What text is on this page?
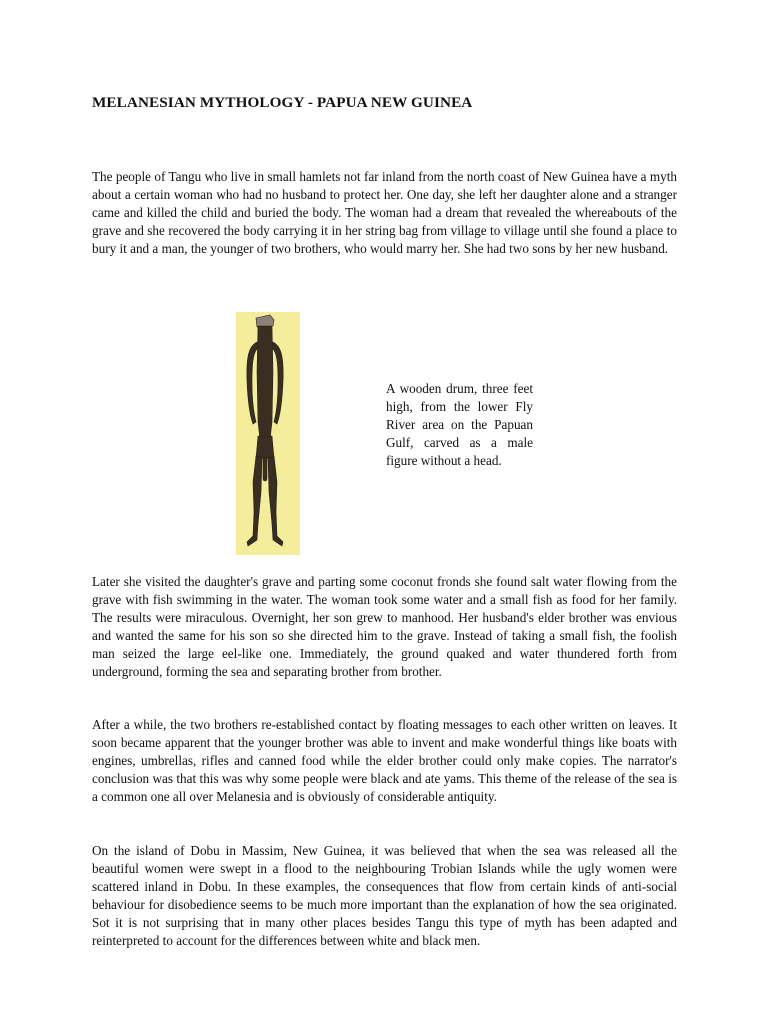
MELANESIAN MYTHOLOGY - PAPUA NEW GUINEA

The people of Tangu who live in small hamlets not far inland from the north coast of New Guinea have a myth about a certain woman who had no husband to protect her. One day, she left her daughter alone and a stranger came and killed the child and buried the body. The woman had a dream that revealed the whereabouts of the grave and she recovered the body carrying it in her string bag from village to village until she found a place to bury it and a man, the younger of two brothers, who would marry her. She had two sons by her new husband.

A wooden drum, three feet high, from the lower Fly River area on the Papuan Gulf, carved as a male figure without a head.

Later she visited the daughter's grave and parting some coconut fronds she found salt water flowing from the grave with fish swimming in the water. The woman took some water and a small fish as food for her family. The results were miraculous. Overnight, her son grew to manhood. Her husband's elder brother was envious and wanted the same for his son so she directed him to the grave. Instead of taking a small fish, the foolish man seized the large eel-like one. Immediately, the ground quaked and water thundered forth from underground, forming the sea and separating brother from brother.

After a while, the two brothers re-established contact by floating messages to each other written on leaves. It soon became apparent that the younger brother was able to invent and make wonderful things like boats with engines, umbrellas, rifles and canned food while the elder brother could only make copies. The narrator's conclusion was that this was why some people were black and ate yams. This theme of the release of the sea is a common one all over Melanesia and is obviously of considerable antiquity.

On the island of Dobu in Massim, New Guinea, it was believed that when the sea was released all the beautiful women were swept in a flood to the neighbouring Trobian Islands while the ugly women were scattered inland in Dobu. In these examples, the consequences that flow from certain kinds of anti-social behaviour for disobedience seems to be much more important than the explanation of how the sea originated. Sot it is not surprising that in many other places besides Tangu this type of myth has been adapted and reinterpreted to account for the differences between white and black men.
